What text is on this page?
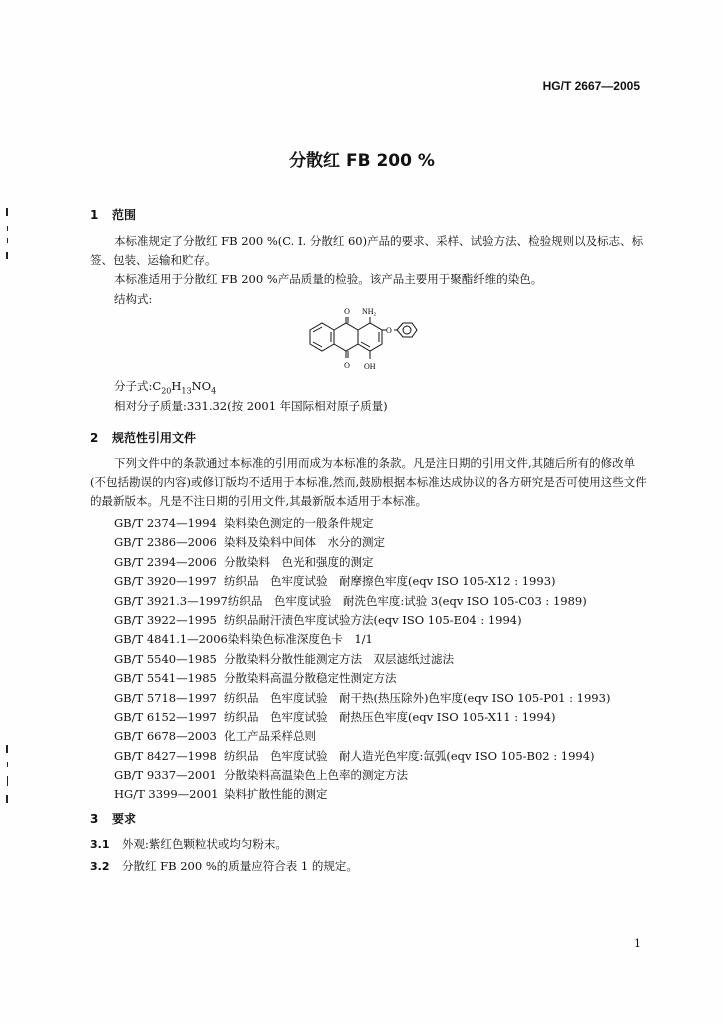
HG/T 2667—2005
分散红 FB 200 %
1 范围
本标准规定了分散红 FB 200 %(C. I. 分散红 60)产品的要求、采样、试验方法、检验规则以及标志、标签、包装、运输和贮存。
本标准适用于分散红 FB 200 %产品质量的检验。该产品主要用于聚酯纤维的染色。
结构式:
O NH₂
O
O OH
分子式$:C_{20}H_{13}NO_4$
相对分子质量:331.32(按 2001 年国际相对原子质量)
2 规范性引用文件
下列文件中的条款通过本标准的引用而成为本标准的条款。凡是注日期的引用文件,其随后所有的修改单(不包括勘误的内容)或修订版均不适用于本标准,然而,鼓励根据本标准达成协议的各方研究是否可使用这些文件的最新版本。凡是不注日期的引用文件,其最新版本适用于本标准。
GB/T 2374—1994 染料染色测定的一般条件规定
GB/T 2386—2006 染料及染料中间体　水分的测定
GB/T 2394—2006 分散染料　色光和强度的测定
GB/T 3920—1997 纺织品　色牢度试验　耐摩擦色牢度(eqv ISO 105-X12 : 1993)
GB/T 3921.3—1997纺织品　色牢度试验　耐洗色牢度:试验 3(eqv ISO 105-C03 : 1989)
GB/T 3922—1995 纺织品耐汗渍色牢度试验方法(eqv ISO 105-E04 : 1994)
GB/T 4841.1—2006染料染色标准深度色卡　1/1
GB/T 5540—1985 分散染料分散性能测定方法　双层滤纸过滤法
GB/T 5541—1985 分散染料高温分散稳定性测定方法
GB/T 5718—1997 纺织品　色牢度试验　耐干热(热压除外)色牢度(eqv ISO 105-P01 : 1993)
GB/T 6152—1997 纺织品　色牢度试验　耐热压色牢度(eqv ISO 105-X11 : 1994)
GB/T 6678—2003 化工产品采样总则
GB/T 8427—1998 纺织品　色牢度试验　耐人造光色牢度:氙弧(eqv ISO 105-B02 : 1994)
GB/T 9337—2001 分散染料高温染色上色率的测定方法
HG/T 3399—2001 染料扩散性能的测定
3 要求
3.1 外观:紫红色颗粒状或均匀粉末。
3.2 分散红 FB 200 %的质量应符合表 1 的规定。
1
